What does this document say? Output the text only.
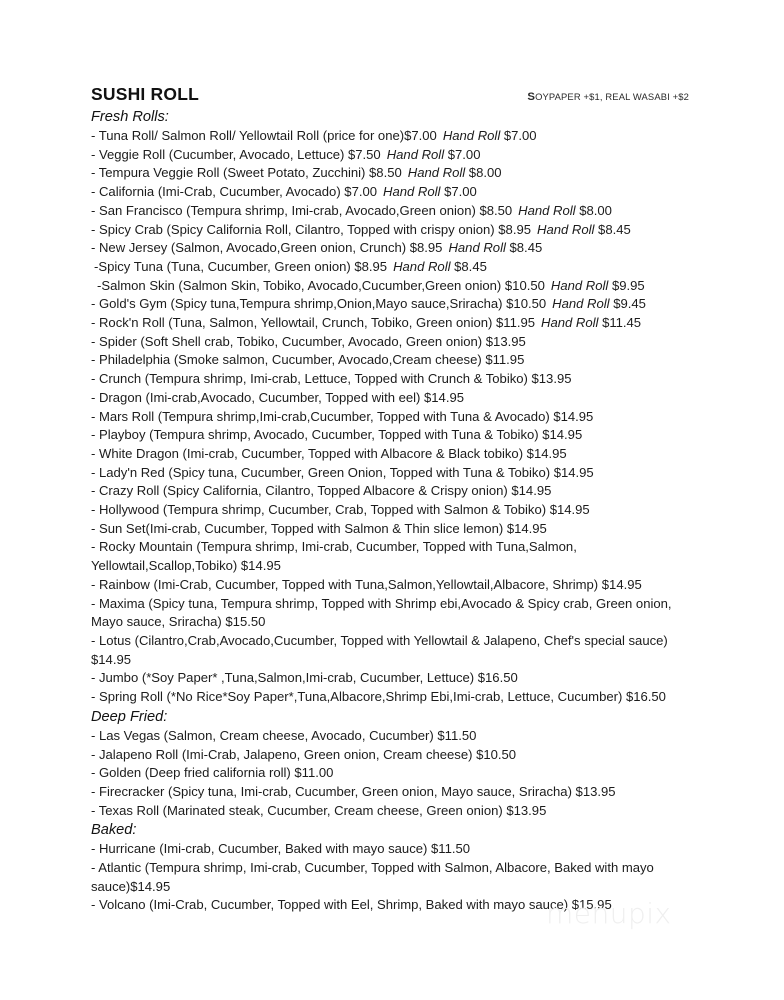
SUSHI ROLL	SOYPAPER +$1, REAL WASABI +$2
Fresh Rolls:
- Tuna Roll/ Salmon Roll/ Yellowtail Roll (price for one)$7.00 Hand Roll $7.00
- Veggie Roll (Cucumber, Avocado, Lettuce) $7.50 Hand Roll $7.00
- Tempura Veggie Roll (Sweet Potato, Zucchini) $8.50 Hand Roll $8.00
- California (Imi-Crab, Cucumber, Avocado) $7.00 Hand Roll $7.00
- San Francisco (Tempura shrimp, Imi-crab, Avocado,Green onion) $8.50 Hand Roll $8.00
- Spicy Crab (Spicy California Roll, Cilantro, Topped with crispy onion) $8.95 Hand Roll $8.45
- New Jersey (Salmon, Avocado,Green onion, Crunch) $8.95 Hand Roll $8.45
-Spicy Tuna (Tuna, Cucumber, Green onion) $8.95 Hand Roll $8.45
-Salmon Skin (Salmon Skin, Tobiko, Avocado,Cucumber,Green onion) $10.50 Hand Roll $9.95
- Gold's Gym (Spicy tuna,Tempura shrimp,Onion,Mayo sauce,Sriracha) $10.50 Hand Roll $9.45
- Rock'n Roll (Tuna, Salmon, Yellowtail, Crunch, Tobiko, Green onion) $11.95 Hand Roll $11.45
- Spider (Soft Shell crab, Tobiko, Cucumber, Avocado, Green onion) $13.95
- Philadelphia (Smoke salmon, Cucumber, Avocado,Cream cheese) $11.95
- Crunch (Tempura shrimp, Imi-crab, Lettuce, Topped with Crunch & Tobiko) $13.95
- Dragon (Imi-crab,Avocado, Cucumber, Topped with eel) $14.95
- Mars Roll (Tempura shrimp,Imi-crab,Cucumber, Topped with Tuna & Avocado) $14.95
- Playboy (Tempura shrimp, Avocado, Cucumber, Topped with Tuna & Tobiko) $14.95
- White Dragon (Imi-crab, Cucumber, Topped with Albacore & Black tobiko) $14.95
- Lady'n Red (Spicy tuna, Cucumber, Green Onion, Topped with Tuna & Tobiko) $14.95
- Crazy Roll (Spicy California, Cilantro, Topped Albacore & Crispy onion) $14.95
- Hollywood (Tempura shrimp, Cucumber, Crab, Topped with Salmon & Tobiko) $14.95
- Sun Set(Imi-crab, Cucumber, Topped with Salmon & Thin slice lemon) $14.95
- Rocky Mountain (Tempura shrimp, Imi-crab, Cucumber, Topped with Tuna,Salmon, Yellowtail,Scallop,Tobiko) $14.95
- Rainbow (Imi-Crab, Cucumber, Topped with Tuna,Salmon,Yellowtail,Albacore, Shrimp) $14.95
- Maxima (Spicy tuna, Tempura shrimp, Topped with Shrimp ebi,Avocado & Spicy crab, Green onion, Mayo sauce, Sriracha) $15.50
- Lotus (Cilantro,Crab,Avocado,Cucumber, Topped with Yellowtail & Jalapeno, Chef's special sauce) $14.95
- Jumbo (*Soy Paper* ,Tuna,Salmon,Imi-crab, Cucumber, Lettuce) $16.50
- Spring Roll (*No Rice*Soy Paper*,Tuna,Albacore,Shrimp Ebi,Imi-crab, Lettuce, Cucumber) $16.50
Deep Fried:
- Las Vegas (Salmon, Cream cheese, Avocado, Cucumber) $11.50
- Jalapeno Roll (Imi-Crab, Jalapeno, Green onion, Cream cheese) $10.50
- Golden (Deep fried california roll) $11.00
- Firecracker (Spicy tuna, Imi-crab, Cucumber, Green onion, Mayo sauce, Sriracha) $13.95
- Texas Roll (Marinated steak, Cucumber, Cream cheese, Green onion) $13.95
Baked:
- Hurricane (Imi-crab, Cucumber, Baked with mayo sauce) $11.50
- Atlantic (Tempura shrimp, Imi-crab, Cucumber, Topped with Salmon, Albacore, Baked with mayo sauce)$14.95
- Volcano (Imi-Crab, Cucumber, Topped with Eel, Shrimp, Baked with mayo sauce) $15.95
menupix
